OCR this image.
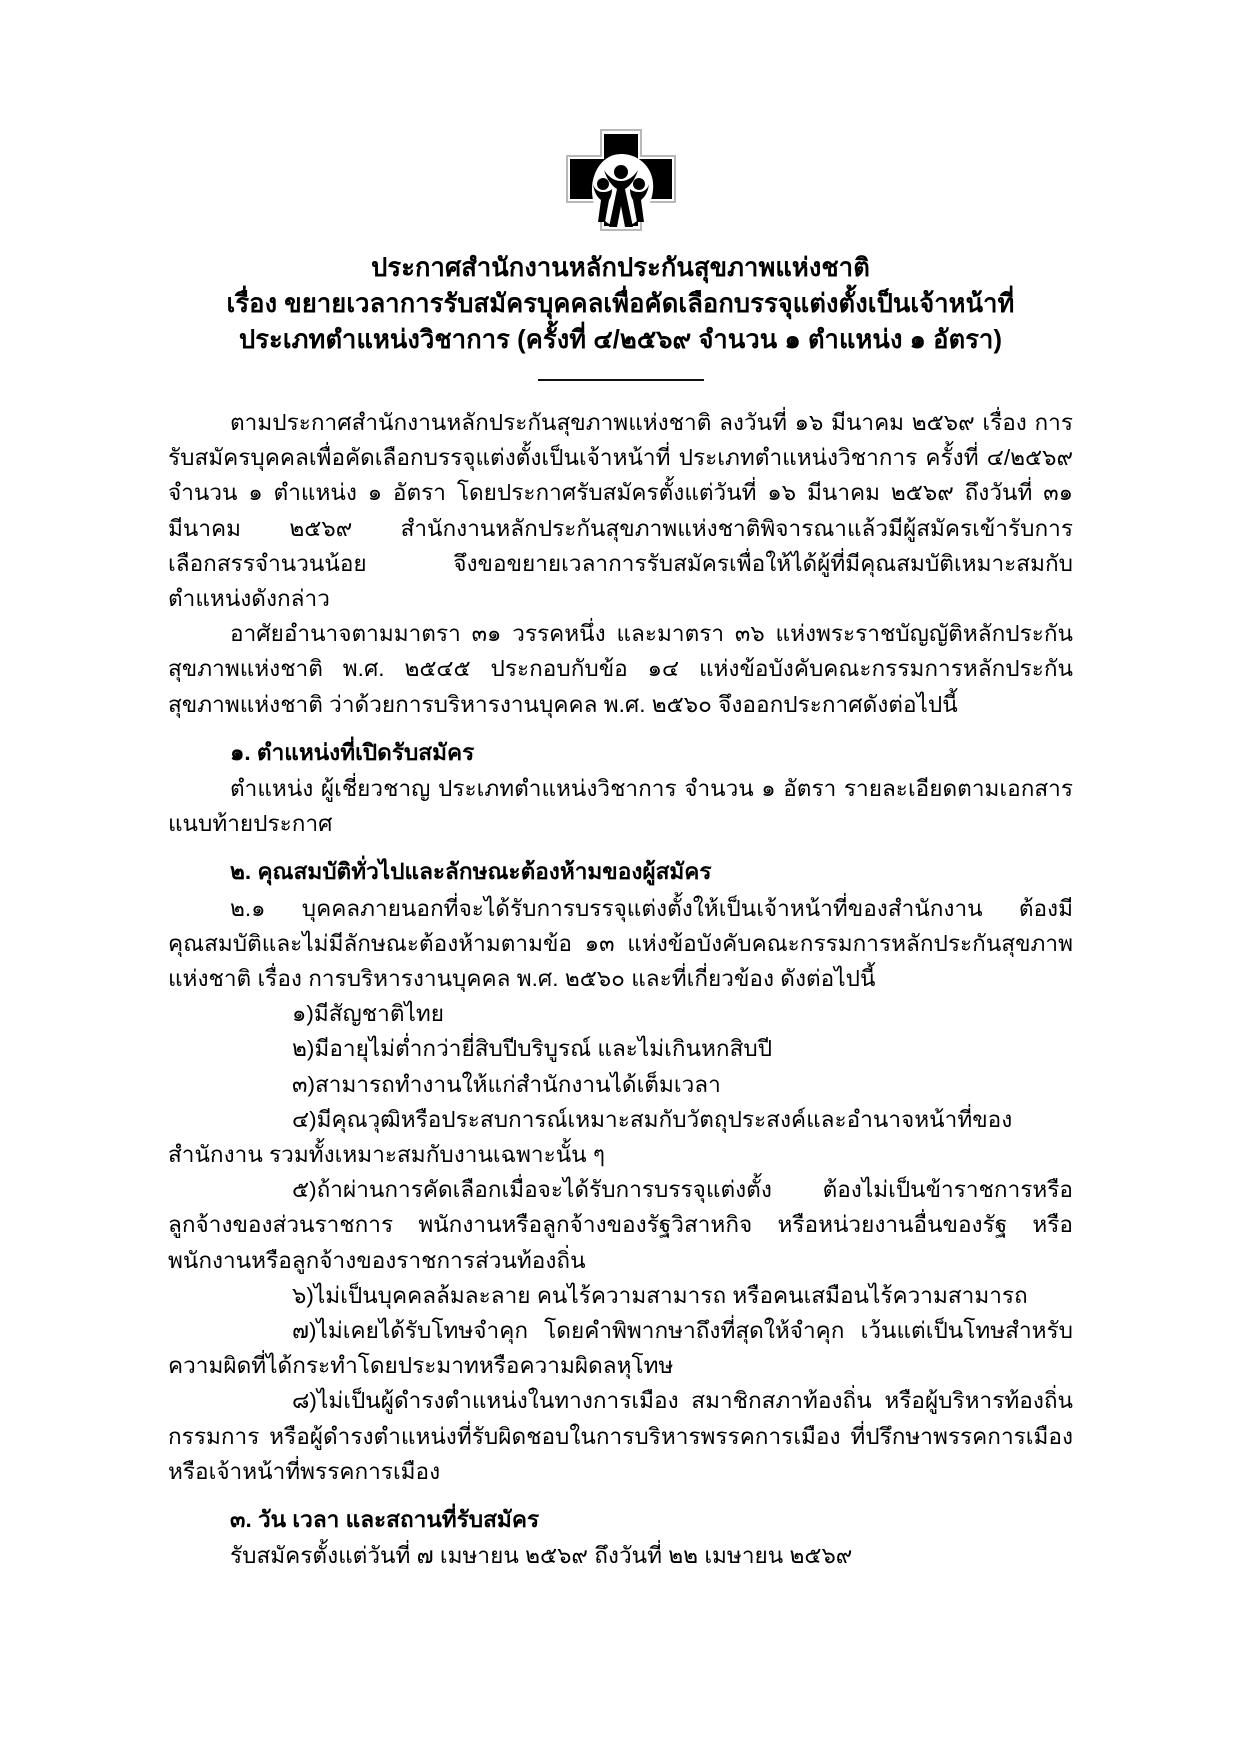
ประกาศสำนักงานหลักประกันสุขภาพแห่งชาติ
เรื่อง ขยายเวลาการรับสมัครบุคคลเพื่อคัดเลือกบรรจุแต่งตั้งเป็นเจ้าหน้าที่
ประเภทตำแหน่งวิชาการ (ครั้งที่ ๔/๒๕๖๙ จำนวน ๑ ตำแหน่ง ๑ อัตรา)

ตามประกาศสำนักงานหลักประกันสุขภาพแห่งชาติ ลงวันที่ ๑๖ มีนาคม ๒๕๖๙ เรื่อง การรับสมัครบุคคลเพื่อคัดเลือกบรรจุแต่งตั้งเป็นเจ้าหน้าที่ ประเภทตำแหน่งวิชาการ ครั้งที่ ๔/๒๕๖๙ จำนวน ๑ ตำแหน่ง ๑ อัตรา โดยประกาศรับสมัครตั้งแต่วันที่ ๑๖ มีนาคม ๒๕๖๙ ถึงวันที่ ๓๑ มีนาคม ๒๕๖๙ สำนักงานหลักประกันสุขภาพแห่งชาติพิจารณาแล้วมีผู้สมัครเข้ารับการเลือกสรรจำนวนน้อย จึงขอขยายเวลาการรับสมัครเพื่อให้ได้ผู้ที่มีคุณสมบัติเหมาะสมกับตำแหน่งดังกล่าว

อาศัยอำนาจตามมาตรา ๓๑ วรรคหนึ่ง และมาตรา ๓๖ แห่งพระราชบัญญัติหลักประกันสุขภาพแห่งชาติ พ.ศ. ๒๕๔๕ ประกอบกับข้อ ๑๔ แห่งข้อบังคับคณะกรรมการหลักประกันสุขภาพแห่งชาติ ว่าด้วยการบริหารงานบุคคล พ.ศ. ๒๕๖๐ จึงออกประกาศดังต่อไปนี้

๑. ตำแหน่งที่เปิดรับสมัคร

ตำแหน่ง ผู้เชี่ยวชาญ ประเภทตำแหน่งวิชาการ จำนวน ๑ อัตรา รายละเอียดตามเอกสารแนบท้ายประกาศ

๒. คุณสมบัติทั่วไปและลักษณะต้องห้ามของผู้สมัคร

๒.๑ บุคคลภายนอกที่จะได้รับการบรรจุแต่งตั้งให้เป็นเจ้าหน้าที่ของสำนักงาน ต้องมีคุณสมบัติและไม่มีลักษณะต้องห้ามตามข้อ ๑๓ แห่งข้อบังคับคณะกรรมการหลักประกันสุขภาพแห่งชาติ เรื่อง การบริหารงานบุคคล พ.ศ. ๒๕๖๐ และที่เกี่ยวข้อง ดังต่อไปนี้

๑)มีสัญชาติไทย
๒)มีอายุไม่ต่ำกว่ายี่สิบปีบริบูรณ์ และไม่เกินหกสิบปี
๓)สามารถทำงานให้แก่สำนักงานได้เต็มเวลา
๔)มีคุณวุฒิหรือประสบการณ์เหมาะสมกับวัตถุประสงค์และอำนาจหน้าที่ของสำนักงาน รวมทั้งเหมาะสมกับงานเฉพาะนั้น ๆ
๕)ถ้าผ่านการคัดเลือกเมื่อจะได้รับการบรรจุแต่งตั้ง ต้องไม่เป็นข้าราชการหรือลูกจ้างของส่วนราชการ พนักงานหรือลูกจ้างของรัฐวิสาหกิจ หรือหน่วยงานอื่นของรัฐ หรือพนักงานหรือลูกจ้างของราชการส่วนท้องถิ่น
๖)ไม่เป็นบุคคลล้มละลาย คนไร้ความสามารถ หรือคนเสมือนไร้ความสามารถ
๗)ไม่เคยได้รับโทษจำคุก โดยคำพิพากษาถึงที่สุดให้จำคุก เว้นแต่เป็นโทษสำหรับความผิดที่ได้กระทำโดยประมาทหรือความผิดลหุโทษ
๘)ไม่เป็นผู้ดำรงตำแหน่งในทางการเมือง สมาชิกสภาท้องถิ่น หรือผู้บริหารท้องถิ่น กรรมการ หรือผู้ดำรงตำแหน่งที่รับผิดชอบในการบริหารพรรคการเมือง ที่ปรึกษาพรรคการเมือง หรือเจ้าหน้าที่พรรคการเมือง
๓. วัน เวลา และสถานที่รับสมัคร

รับสมัครตั้งแต่วันที่ ๗ เมษายน ๒๕๖๙ ถึงวันที่ ๒๒ เมษายน ๒๕๖๙
